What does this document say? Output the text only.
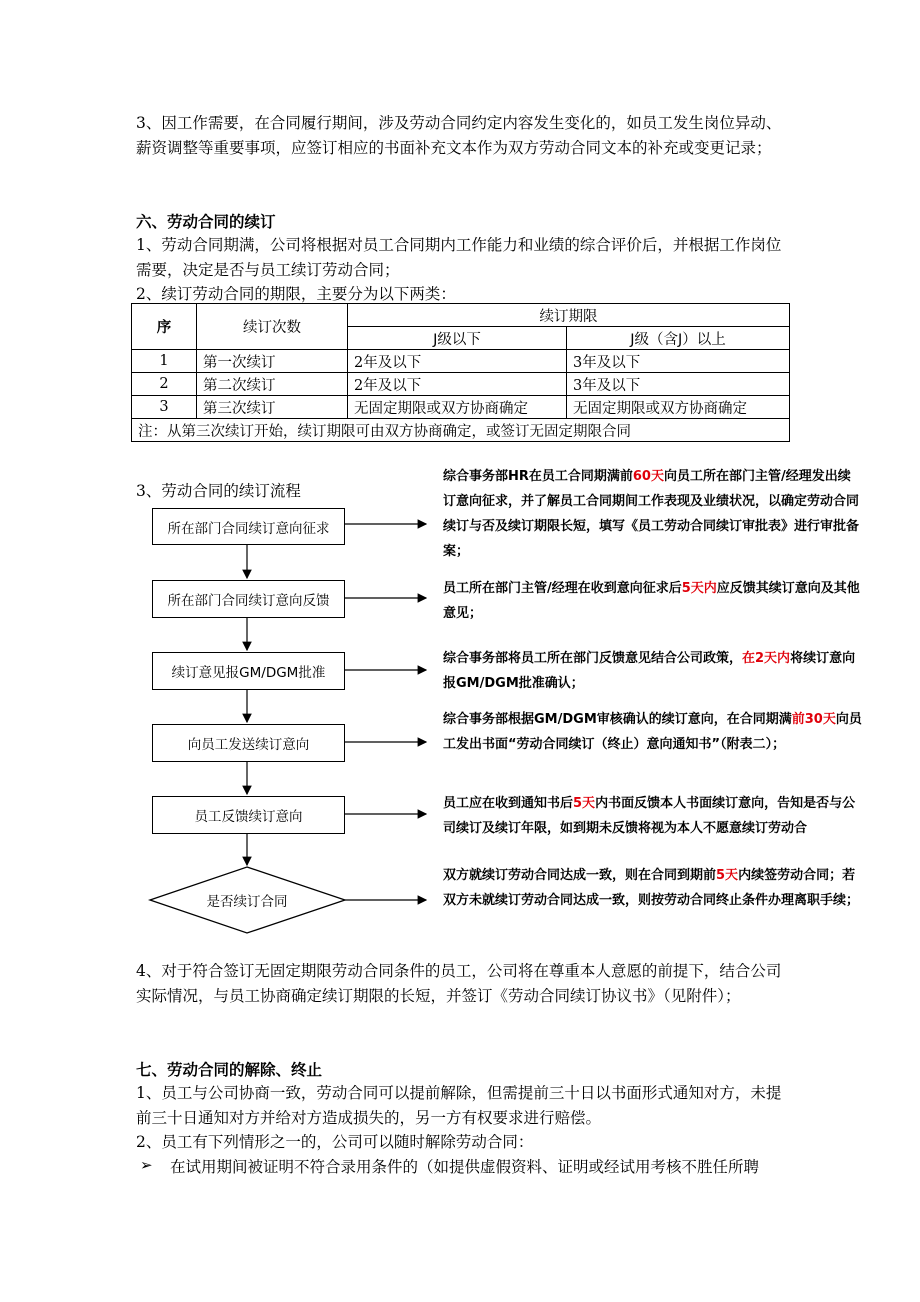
3、因工作需要，在合同履行期间，涉及劳动合同约定内容发生变化的，如员工发生岗位异动、薪资调整等重要事项，应签订相应的书面补充文本作为双方劳动合同文本的补充或变更记录；

六、劳动合同的续订

1、劳动合同期满，公司将根据对员工合同期内工作能力和业绩的综合评价后，并根据工作岗位需要，决定是否与员工续订劳动合同；

2、续订劳动合同的期限，主要分为以下两类：

序	续订次数	续订期限	
		J级以下	J级（含J）以上
1	第一次续订	2年及以下	3年及以下
2	第二次续订	2年及以下	3年及以下
3	第三次续订	无固定期限或双方协商确定	无固定期限或双方协商确定
注：从第三次续订开始，续订期限可由双方协商确定，或签订无固定期限合同			

3、劳动合同的续订流程

所在部门合同续订意向征求
所在部门合同续订意向反馈
续订意见报GM/DGM批准
向员工发送续订意向
员工反馈续订意向
是否续订合同

综合事务部HR在员工合同期满前60天向员工所在部门主管/经理发出续订意向征求，并了解员工合同期间工作表现及业绩状况，以确定劳动合同续订与否及续订期限长短，填写《员工劳动合同续订审批表》进行审批备案；

员工所在部门主管/经理在收到意向征求后5天内应反馈其续订意向及其他意见；

综合事务部将员工所在部门反馈意见结合公司政策，在2天内将续订意向报GM/DGM批准确认；

综合事务部根据GM/DGM审核确认的续订意向，在合同期满前30天向员工发出书面“劳动合同续订（终止）意向通知书”（附表二）；

员工应在收到通知书后5天内书面反馈本人书面续订意向，告知是否与公司续订及续订年限，如到期未反馈将视为本人不愿意续订劳动合

双方就续订劳动合同达成一致，则在合同到期前5天内续签劳动合同；若双方未就续订劳动合同达成一致，则按劳动合同终止条件办理离职手续；

4、对于符合签订无固定期限劳动合同条件的员工，公司将在尊重本人意愿的前提下，结合公司实际情况，与员工协商确定续订期限的长短，并签订《劳动合同续订协议书》（见附件）；

七、劳动合同的解除、终止

1、员工与公司协商一致，劳动合同可以提前解除，但需提前三十日以书面形式通知对方，未提前三十日通知对方并给对方造成损失的，另一方有权要求进行赔偿。

2、员工有下列情形之一的，公司可以随时解除劳动合同：

➢ 在试用期间被证明不符合录用条件的（如提供虚假资料、证明或经试用考核不胜任所聘
